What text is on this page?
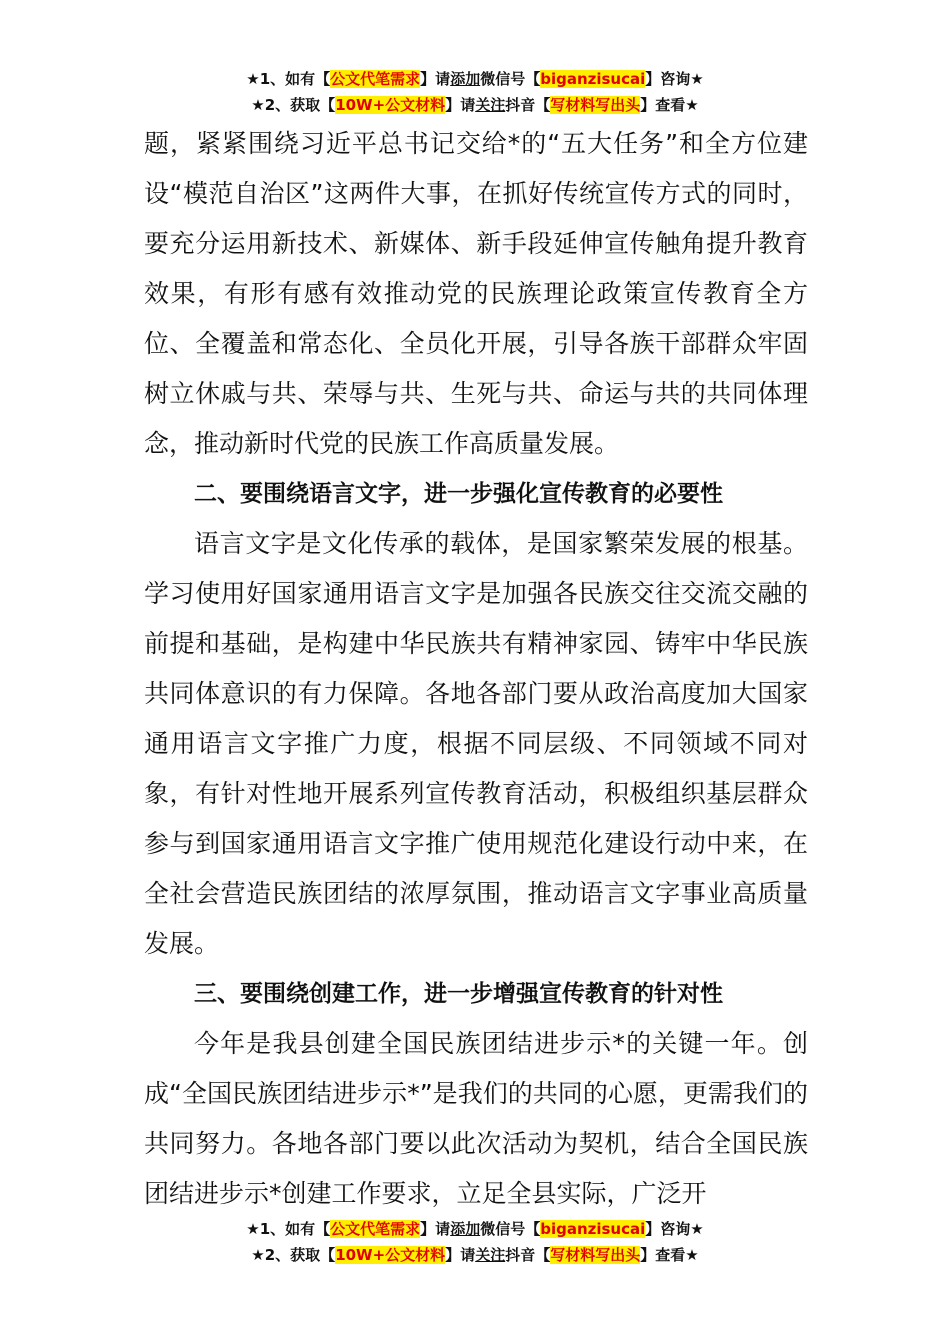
★1、如有【公文代笔需求】请添加微信号【biganzisucai】咨询★
★2、获取【10W+公文材料】请关注抖音【写材料写出头】查看★

题，紧紧围绕习近平总书记交给*的“五大任务”和全方位建设“模范自治区”这两件大事，在抓好传统宣传方式的同时，要充分运用新技术、新媒体、新手段延伸宣传触角提升教育效果，有形有感有效推动党的民族理论政策宣传教育全方位、全覆盖和常态化、全员化开展，引导各族干部群众牢固树立休戚与共、荣辱与共、生死与共、命运与共的共同体理念，推动新时代党的民族工作高质量发展。

二、要围绕语言文字，进一步强化宣传教育的必要性

语言文字是文化传承的载体，是国家繁荣发展的根基。学习使用好国家通用语言文字是加强各民族交往交流交融的前提和基础，是构建中华民族共有精神家园、铸牢中华民族共同体意识的有力保障。各地各部门要从政治高度加大国家通用语言文字推广力度，根据不同层级、不同领域不同对象，有针对性地开展系列宣传教育活动，积极组织基层群众参与到国家通用语言文字推广使用规范化建设行动中来，在全社会营造民族团结的浓厚氛围，推动语言文字事业高质量发展。

三、要围绕创建工作，进一步增强宣传教育的针对性

今年是我县创建全国民族团结进步示*的关键一年。创成“全国民族团结进步示*”是我们的共同的心愿，更需我们的共同努力。各地各部门要以此次活动为契机，结合全国民族团结进步示*创建工作要求，立足全县实际，广泛开

★1、如有【公文代笔需求】请添加微信号【biganzisucai】咨询★
★2、获取【10W+公文材料】请关注抖音【写材料写出头】查看★
